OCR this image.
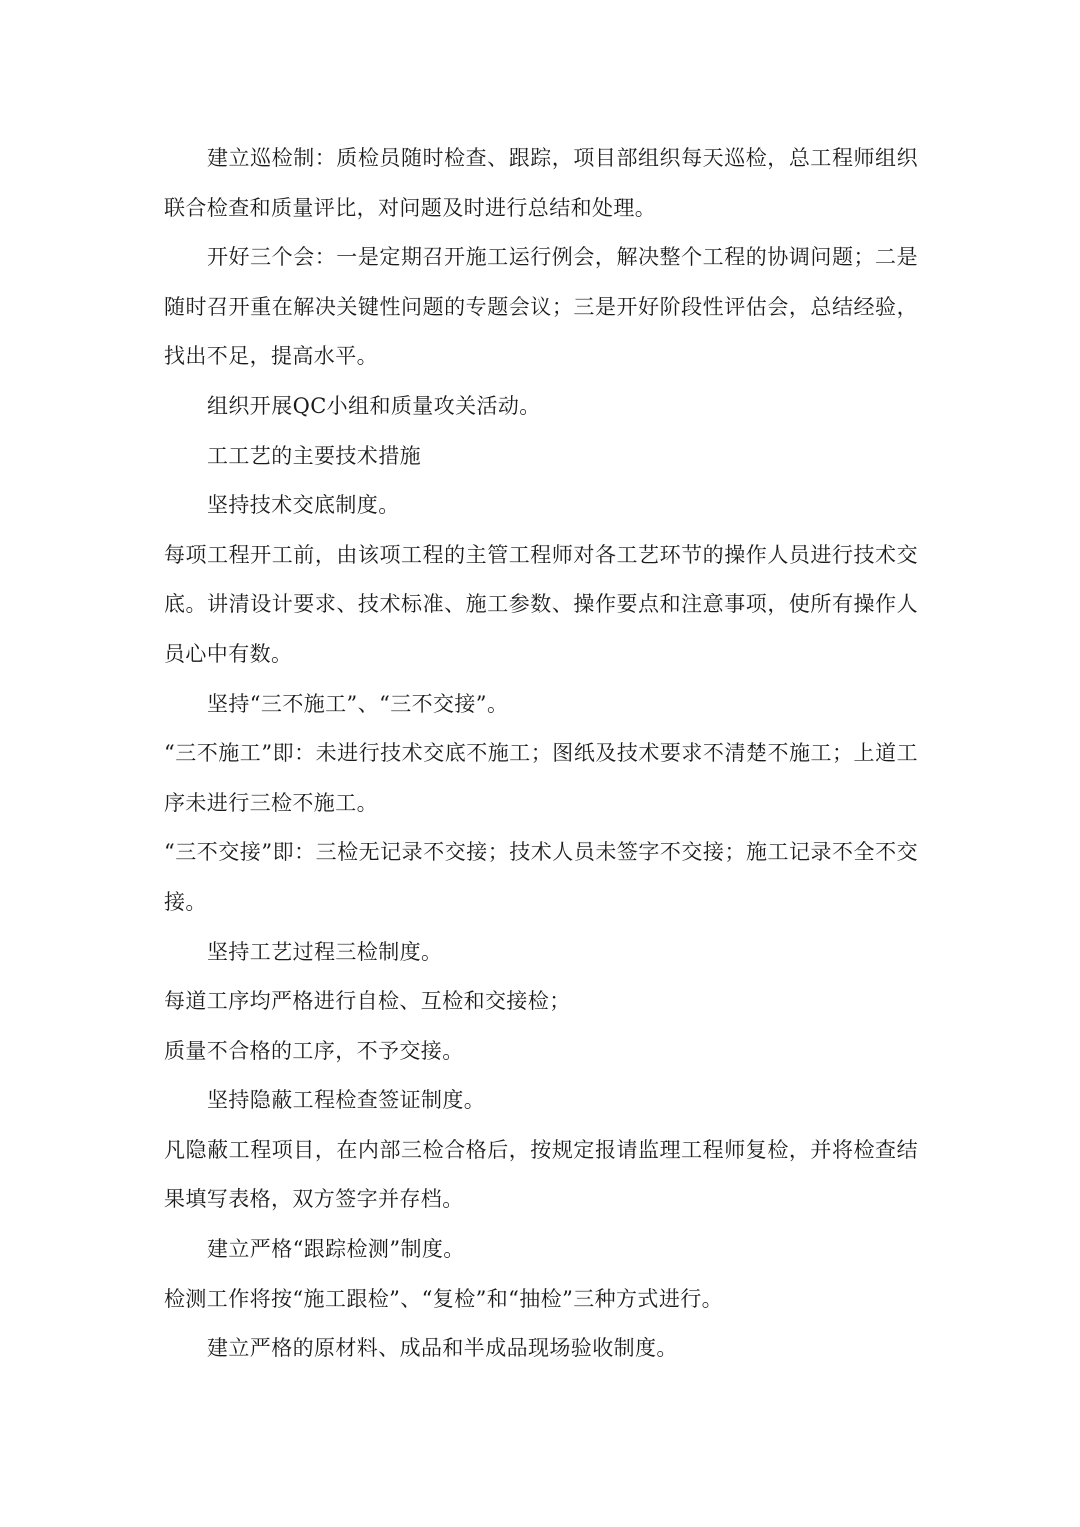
建立巡检制：质检员随时检查、跟踪，项目部组织每天巡检，总工程师组织联合检查和质量评比，对问题及时进行总结和处理。

开好三个会：一是定期召开施工运行例会，解决整个工程的协调问题；二是随时召开重在解决关键性问题的专题会议；三是开好阶段性评估会，总结经验，找出不足，提高水平。

组织开展QC小组和质量攻关活动。

工工艺的主要技术措施

坚持技术交底制度。

每项工程开工前，由该项工程的主管工程师对各工艺环节的操作人员进行技术交底。讲清设计要求、技术标准、施工参数、操作要点和注意事项，使所有操作人员心中有数。

坚持“三不施工”、“三不交接”。

“三不施工”即：未进行技术交底不施工；图纸及技术要求不清楚不施工；上道工序未进行三检不施工。

“三不交接”即：三检无记录不交接；技术人员未签字不交接；施工记录不全不交接。

坚持工艺过程三检制度。

每道工序均严格进行自检、互检和交接检；

质量不合格的工序，不予交接。

坚持隐蔽工程检查签证制度。

凡隐蔽工程项目，在内部三检合格后，按规定报请监理工程师复检，并将检查结果填写表格，双方签字并存档。

建立严格“跟踪检测”制度。

检测工作将按“施工跟检”、“复检”和“抽检”三种方式进行。

建立严格的原材料、成品和半成品现场验收制度。
